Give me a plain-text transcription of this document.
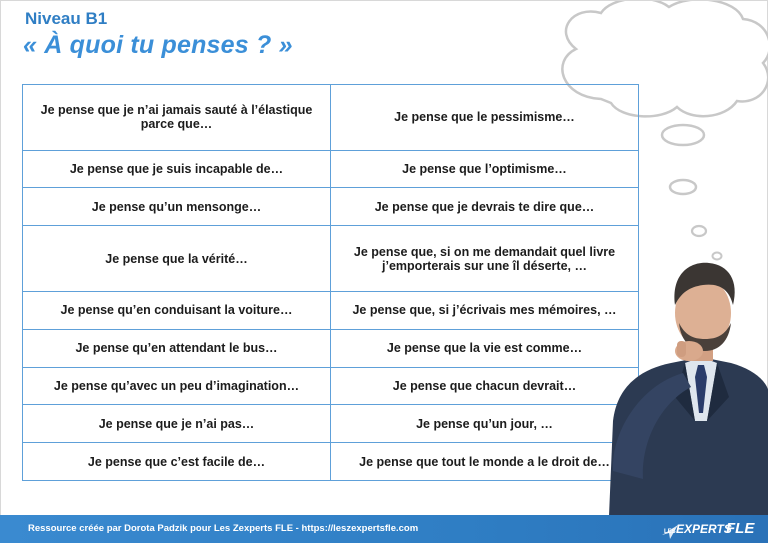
Niveau B1
« À quoi tu penses ? »
Je pense que je n’ai jamais sauté à l’élastique parce que…	Je pense que le pessimisme…
Je pense que je suis incapable de…	Je pense que l’optimisme…
Je pense qu’un mensonge…	Je pense que je devrais te dire que…
Je pense que la vérité…	Je pense que, si on me demandait quel livre j’emporterais sur une îl déserte, …
Je pense qu’en conduisant la voiture…	Je pense que, si j’écrivais mes mémoires, …
Je pense qu’en attendant le bus…	Je pense que la vie est comme…
Je pense qu’avec un peu d’imagination…	Je pense que chacun devrait…
Je pense que je n’ai pas…	Je pense qu’un jour, …
Je pense que c’est facile de…	Je pense que tout le monde a le droit de…
Ressource créée par Dorota Padzik pour Les Zexperts FLE - https://leszexpertsfle.com	LES EXPERTS
FLE
